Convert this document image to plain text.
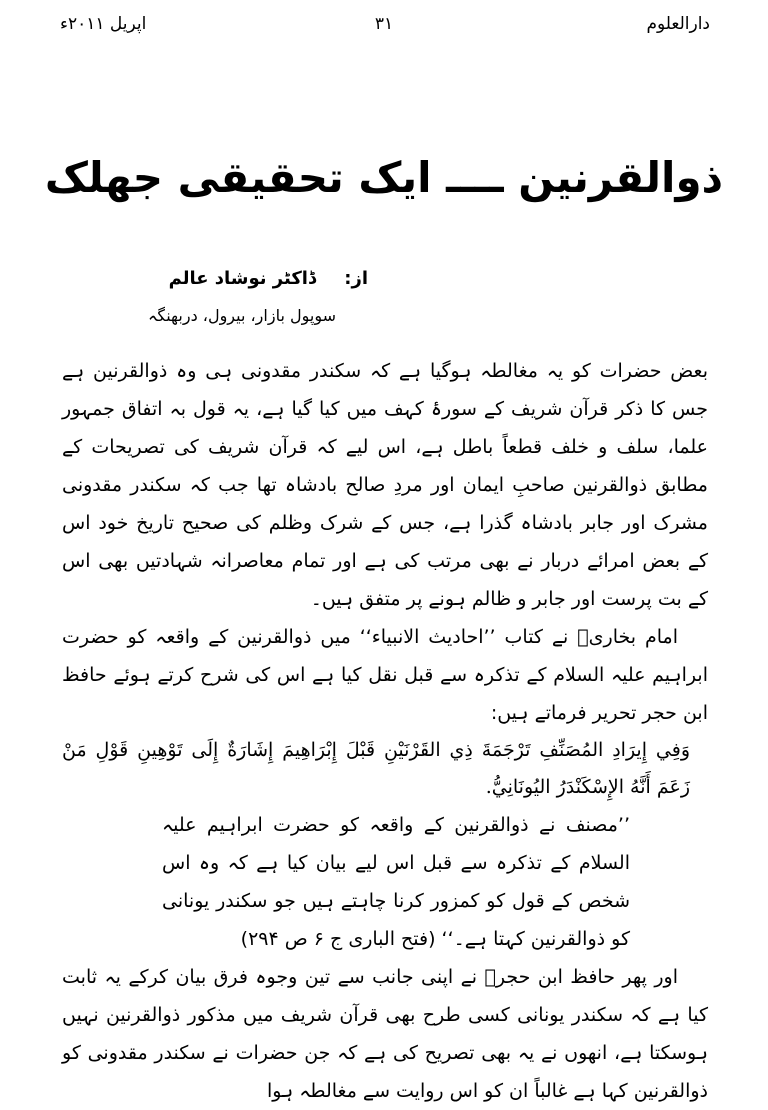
دارالعلوم
۳۱
اپریل ۲۰۱۱ء
ذوالقرنین ــــ ایک تحقیقی جھلک
از: ڈاکٹر نوشاد عالم
سوپول بازار، بیرول، دربھنگہ

بعض حضرات کو یہ مغالطہ ہوگیا ہے کہ سکندر مقدونی ہی وہ ذوالقرنین ہے جس کا ذکر قرآن شریف کے سورۂ کہف میں کیا گیا ہے، یہ قول بہ اتفاق جمہور علما، سلف و خلف قطعاً باطل ہے، اس لیے کہ قرآن شریف کی تصریحات کے مطابق ذوالقرنین صاحبِ ایمان اور مردِ صالح بادشاہ تھا جب کہ سکندر مقدونی مشرک اور جابر بادشاہ گذرا ہے، جس کے شرک وظلم کی صحیح تاریخ خود اس کے بعض امرائے دربار نے بھی مرتب کی ہے اور تمام معاصرانہ شہادتیں بھی اس کے بت پرست اور جابر و ظالم ہونے پر متفق ہیں۔

امام بخاریؒ نے کتاب ’’احادیث الانبیاء‘‘ میں ذوالقرنین کے واقعہ کو حضرت ابراہیم علیہ السلام کے تذکرہ سے قبل نقل کیا ہے اس کی شرح کرتے ہوئے حافظ ابن حجر تحریر فرماتے ہیں:

وَفِي إِيرَادِ المُصَنِّفِ تَرْجَمَةَ ذِي القَرْنَيْنِ قَبْلَ إِبْرَاهِيمَ إِشَارَةٌ إِلَى تَوْهِينِ قَوْلِ مَنْ زَعَمَ أَنَّهُ الإِسْكَنْدَرُ اليُونَانِيُّ.

’’مصنف نے ذوالقرنین کے واقعہ کو حضرت ابراہیم علیہ السلام کے تذکرہ سے قبل اس لیے بیان کیا ہے کہ وہ اس شخص کے قول کو کمزور کرنا چاہتے ہیں جو سکندر یونانی کو ذوالقرنین کہتا ہے۔‘‘ (فتح الباری ج ۶ ص ۲۹۴)

اور پھر حافظ ابن حجرؒ نے اپنی جانب سے تین وجوہ فرق بیان کرکے یہ ثابت کیا ہے کہ سکندر یونانی کسی طرح بھی قرآن شریف میں مذکور ذوالقرنین نہیں ہوسکتا ہے، انھوں نے یہ بھی تصریح کی ہے کہ جن حضرات نے سکندر مقدونی کو ذوالقرنین کہا ہے غالباً ان کو اس روایت سے مغالطہ ہوا
